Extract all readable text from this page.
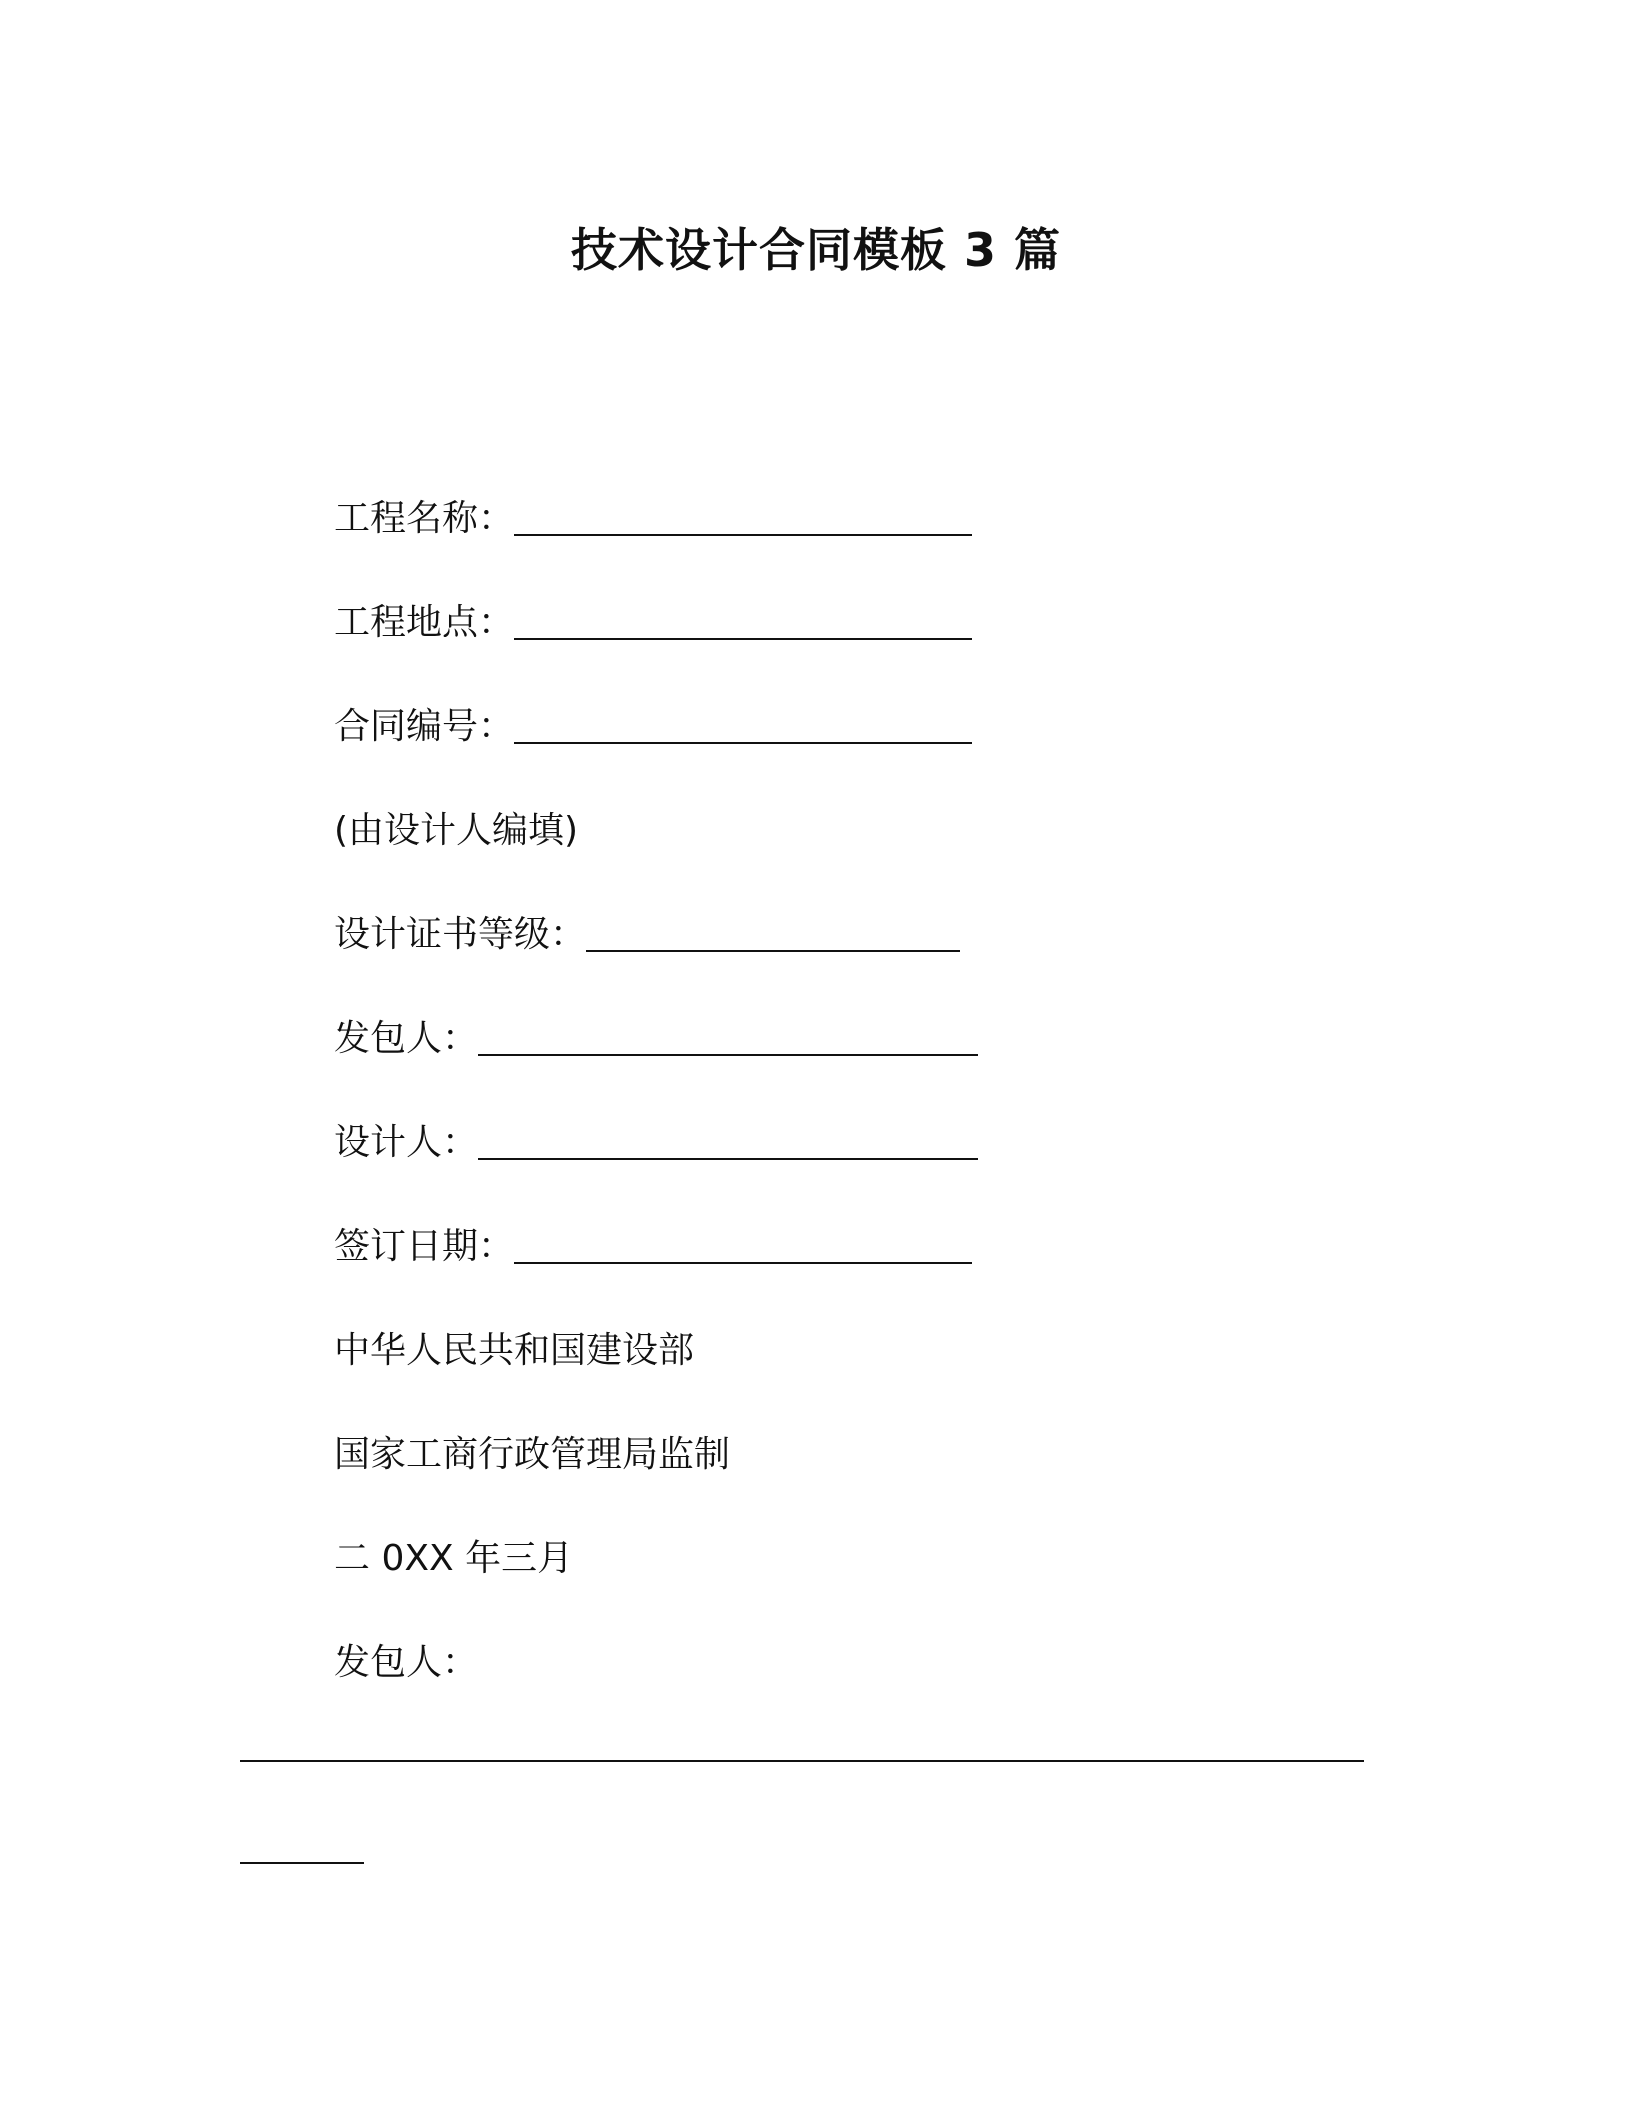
技术设计合同模板 3 篇
工程名称：
工程地点：
合同编号：
(由设计人编填)
设计证书等级：
发包人：
设计人：
签订日期：
中华人民共和国建设部
国家工商行政管理局监制
二 0XX 年三月
发包人：
